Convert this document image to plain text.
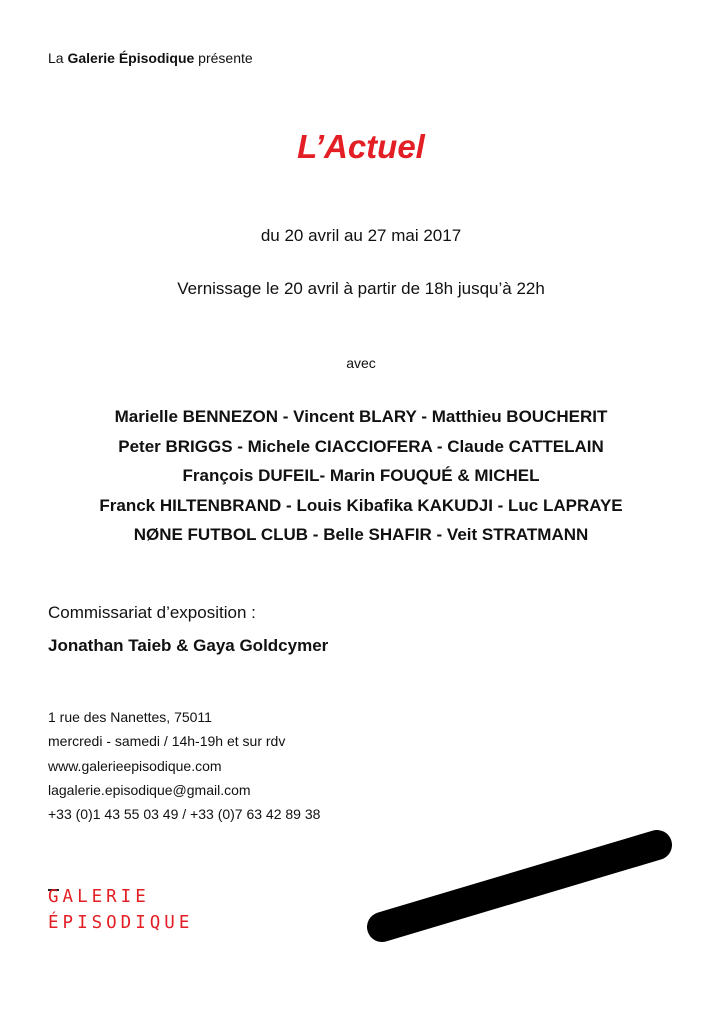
La Galerie Épisodique présente
L’Actuel
du 20 avril au 27 mai 2017
Vernissage le 20 avril à partir de 18h jusqu’à 22h
avec
Marielle BENNEZON - Vincent BLARY - Matthieu BOUCHERIT
Peter BRIGGS - Michele CIACCIOFERA - Claude CATTELAIN
François DUFEIL- Marin FOUQUÉ & MICHEL
Franck HILTENBRAND - Louis Kibafika KAKUDJI - Luc LAPRAYE
NØNE FUTBOL CLUB - Belle SHAFIR - Veit STRATMANN
Commissariat d’exposition :
Jonathan Taieb & Gaya Goldcymer
1 rue des Nanettes, 75011
mercredi - samedi / 14h-19h et sur rdv
www.galerieepisodique.com
lagalerie.episodique@gmail.com
+33 (0)1 43 55 03 49 / +33 (0)7 63 42 89 38
GALERIE
ÉPISODIQUE
